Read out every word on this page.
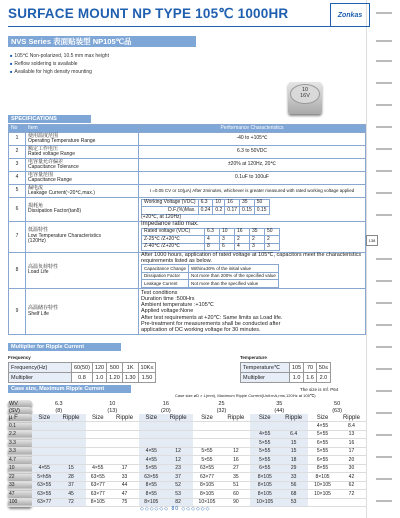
SURFACE MOUNT NP TYPE 105℃ 1000HR	Zonkas
NVS Series 表面贴装型 NP105℃品
■ 105℃ Non-polarized, 10.5 mm max height
■ Reflow soldering is available
■ Available for high density mounting
10
16V
SPECIFICATIONS
No	Item	Performance Characteristics
1	使用温度范围
Operating Temperature Range	-40 to +105℃
2	额定工作电压
Rated voltage Range	6.3 to 50VDC
3	电容量允许偏差
Capacitance Tolerance	±20% at 120Hz, 20℃
4	电容量范围
Capacitance Range	0.1uF to 100uF
5	漏电流
Leakage Current(~20℃,max.)	I =0.05 CV or 10(μA) After 2minutes, whichever is greater measured with rated working voltage applied
6	损耗角
Dissipation Factor(tanδ)	
Working Voltage (VDC)	6.3	10	16	35	50
D.F.(%)Max.	0.24	0.2	0.17	0.15	0.15
(+20℃, at 120Hz)

7	
低温特性
Low Temperature Characteristics
(120Hz)	
Impedance ratio max.
Rated voltage (VDC)	6.3	10	16	35	50
Z-25℃ /Z+20℃	4	3	2	2	2
Z-40℃ /Z+20℃	8	6	4	3	3

8	高温负荷特性
Load Life	
After 1000 hours, application of rated voltage at 105℃, capacitors meet the characteristics requirements listed as below.
Capacitance Change	Within±30% of the initial value
Dissipation Factor	Not more than 200% of the specified value
Leakage Current	Not more than the specified value

9	高温储存特性
Shelf Life	
Test conditions
Duration time :500Hrs
Ambient temperature :+105℃
Applied voltage:None
After test requirements at +20℃: Same limits as Load life.
Pre-treatment for measurements shall be conducted after
application of DC working voltage for 30 minutes.
Multiplier for Ripple Current
Frequency
Frequency(Hz)	60(50)	120	500	1K	10K≤
Multiplier	0.8	1.0	1.20	1.30	1.50
Temperature
Temperature℃	105	70	50≤
Multiplier	1.0	1.6	2.0
Case size, Maximum Ripple Current	The size is mf. P64
Case size øD × L(mm), Maximum Ripple Current(Unit:mA,rms,120Hz at 105℃)
WV	6.3		10		16		25		35		50	
(SV)	(8)		(13)		(20)		(32)		(44)		(63)	
µ F	Size	Ripple	Size	Ripple	Size	Ripple	Size	Ripple	Size	Ripple	Size	Ripple
0.1											4×55	8.4
2.2									4×55	6.4	5×55	13
3.3									5×55	15	6×55	16
3.3					4×55	12	5×55	12	5×55	15	5×55	17
4.7					4×55	12	5×55	16	5×55	18	6×55	20
10	4×55	15	4×55	17	5×55	23	63×55	27	6×55	29	8×55	30
22	5×h5h	28	63×55	33	63×55	37	63×77	35	8×105	33	8×105	42
33	63×55	37	63×77	44	8×55	52	8×105	51	8×105	56	10×105	62
47	63×55	45	63×77	47	8×55	53	8×105	60	8×105	68	10×105	72
100	63×77	72	8×105	75	8×105	82	10×105	90	10×105	53		
◇◇◇◇◇◇ 80 ◇◇◇◇◇◇
138
